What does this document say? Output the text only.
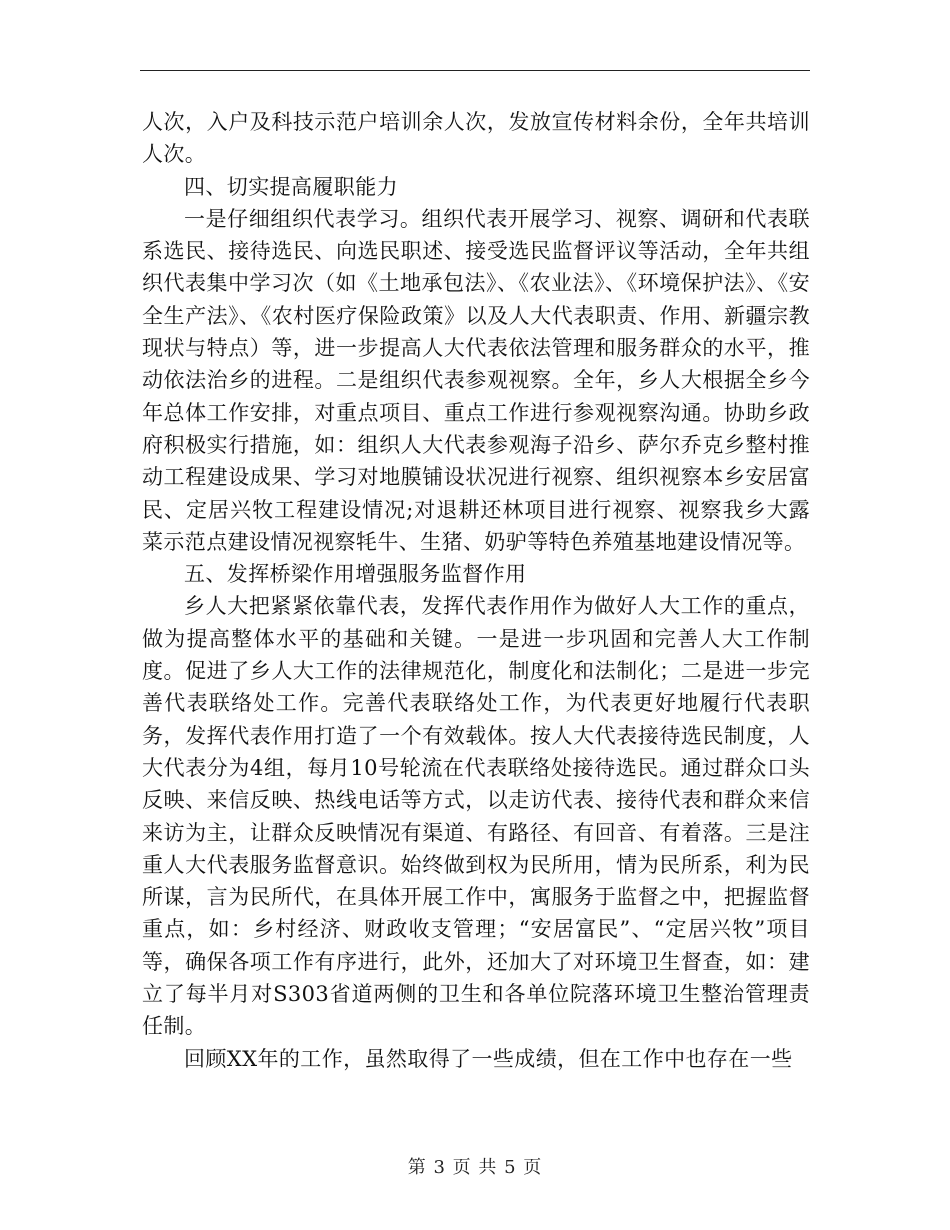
人次，入户及科技示范户培训余人次，发放宣传材料余份，全年共培训人次。

四、切实提高履职能力

一是仔细组织代表学习。组织代表开展学习、视察、调研和代表联系选民、接待选民、向选民职述、接受选民监督评议等活动，全年共组织代表集中学习次（如《土地承包法》、《农业法》、《环境保护法》、《安全生产法》、《农村医疗保险政策》以及人大代表职责、作用、新疆宗教现状与特点）等，进一步提高人大代表依法管理和服务群众的水平，推动依法治乡的进程。二是组织代表参观视察。全年，乡人大根据全乡今年总体工作安排，对重点项目、重点工作进行参观视察沟通。协助乡政府积极实行措施，如：组织人大代表参观海子沿乡、萨尔乔克乡整村推动工程建设成果、学习对地膜铺设状况进行视察、组织视察本乡安居富民、定居兴牧工程建设情况;对退耕还林项目进行视察、视察我乡大露菜示范点建设情况视察牦牛、生猪、奶驴等特色养殖基地建设情况等。

五、发挥桥梁作用增强服务监督作用

乡人大把紧紧依靠代表，发挥代表作用作为做好人大工作的重点，做为提高整体水平的基础和关键。一是进一步巩固和完善人大工作制度。促进了乡人大工作的法律规范化，制度化和法制化；二是进一步完善代表联络处工作。完善代表联络处工作，为代表更好地履行代表职务，发挥代表作用打造了一个有效载体。按人大代表接待选民制度，人大代表分为4组，每月10号轮流在代表联络处接待选民。通过群众口头反映、来信反映、热线电话等方式，以走访代表、接待代表和群众来信来访为主，让群众反映情况有渠道、有路径、有回音、有着落。三是注重人大代表服务监督意识。始终做到权为民所用，情为民所系，利为民所谋，言为民所代，在具体开展工作中，寓服务于监督之中，把握监督重点，如：乡村经济、财政收支管理；“安居富民”、“定居兴牧”项目等，确保各项工作有序进行，此外，还加大了对环境卫生督查，如：建立了每半月对S303省道两侧的卫生和各单位院落环境卫生整治管理责任制。

回顾XX年的工作，虽然取得了一些成绩，但在工作中也存在一些

第 3 页 共 5 页
